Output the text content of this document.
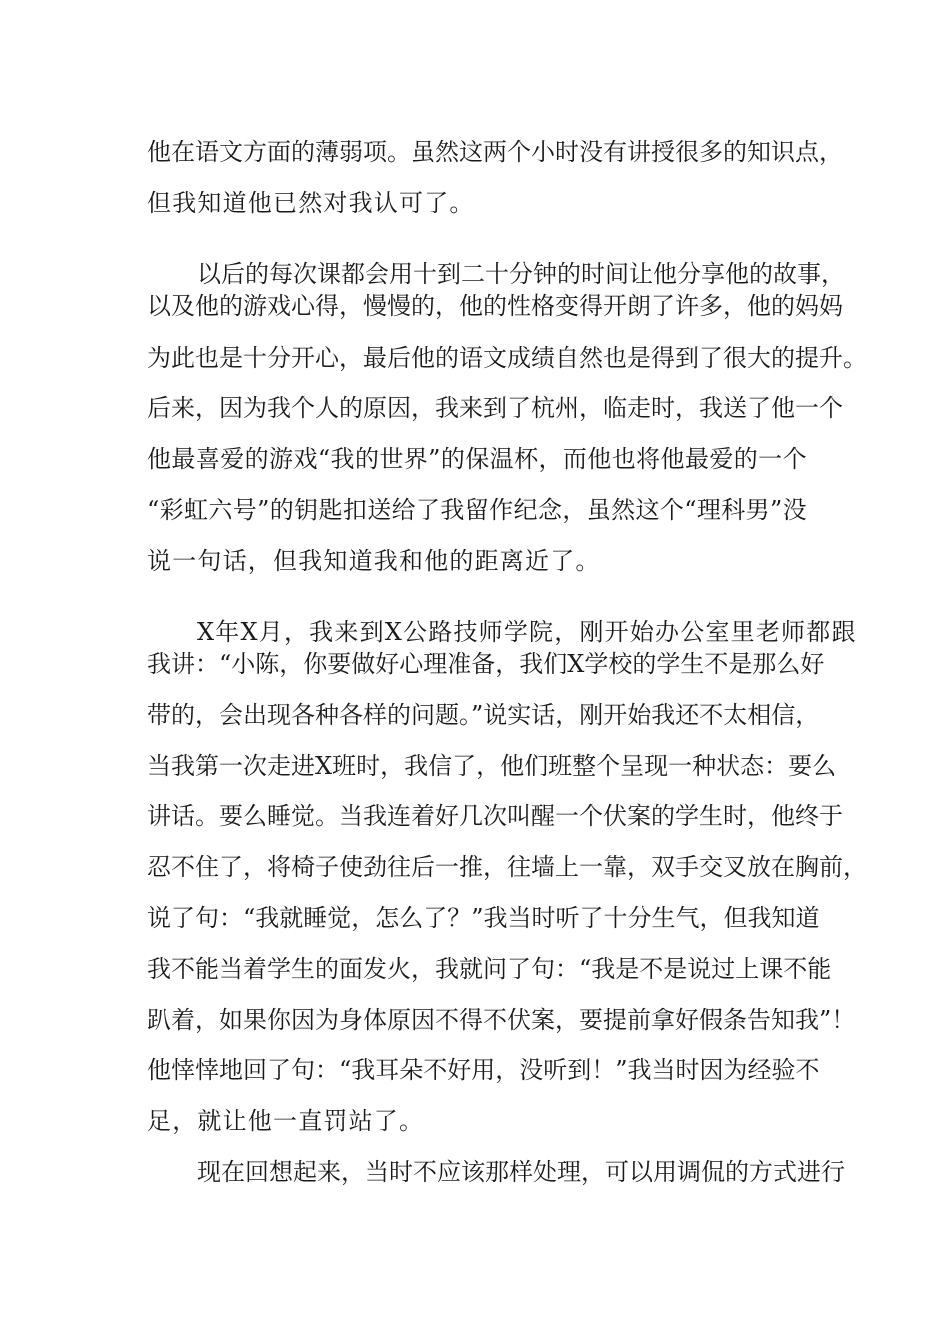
他在语文方面的薄弱项。虽然这两个小时没有讲授很多的知识点，
但我知道他已然对我认可了。
以后的每次课都会用十到二十分钟的时间让他分享他的故事，
以及他的游戏心得，慢慢的，他的性格变得开朗了许多，他的妈妈
为此也是十分开心，最后他的语文成绩自然也是得到了很大的提升。
后来，因为我个人的原因，我来到了杭州，临走时，我送了他一个
他最喜爱的游戏“我的世界”的保温杯，而他也将他最爱的一个
“彩虹六号”的钥匙扣送给了我留作纪念，虽然这个“理科男”没
说一句话，但我知道我和他的距离近了。
X年X月，我来到X公路技师学院，刚开始办公室里老师都跟
我讲：“小陈，你要做好心理准备，我们X学校的学生不是那么好
带的，会出现各种各样的问题。”说实话，刚开始我还不太相信，
当我第一次走进X班时，我信了，他们班整个呈现一种状态：要么
讲话。要么睡觉。当我连着好几次叫醒一个伏案的学生时，他终于
忍不住了，将椅子使劲往后一推，往墙上一靠，双手交叉放在胸前，
说了句：“我就睡觉，怎么了？”我当时听了十分生气，但我知道
我不能当着学生的面发火，我就问了句：“我是不是说过上课不能
趴着，如果你因为身体原因不得不伏案，要提前拿好假条告知我”！
他悻悻地回了句：“我耳朵不好用，没听到！”我当时因为经验不
足，就让他一直罚站了。
现在回想起来，当时不应该那样处理，可以用调侃的方式进行
